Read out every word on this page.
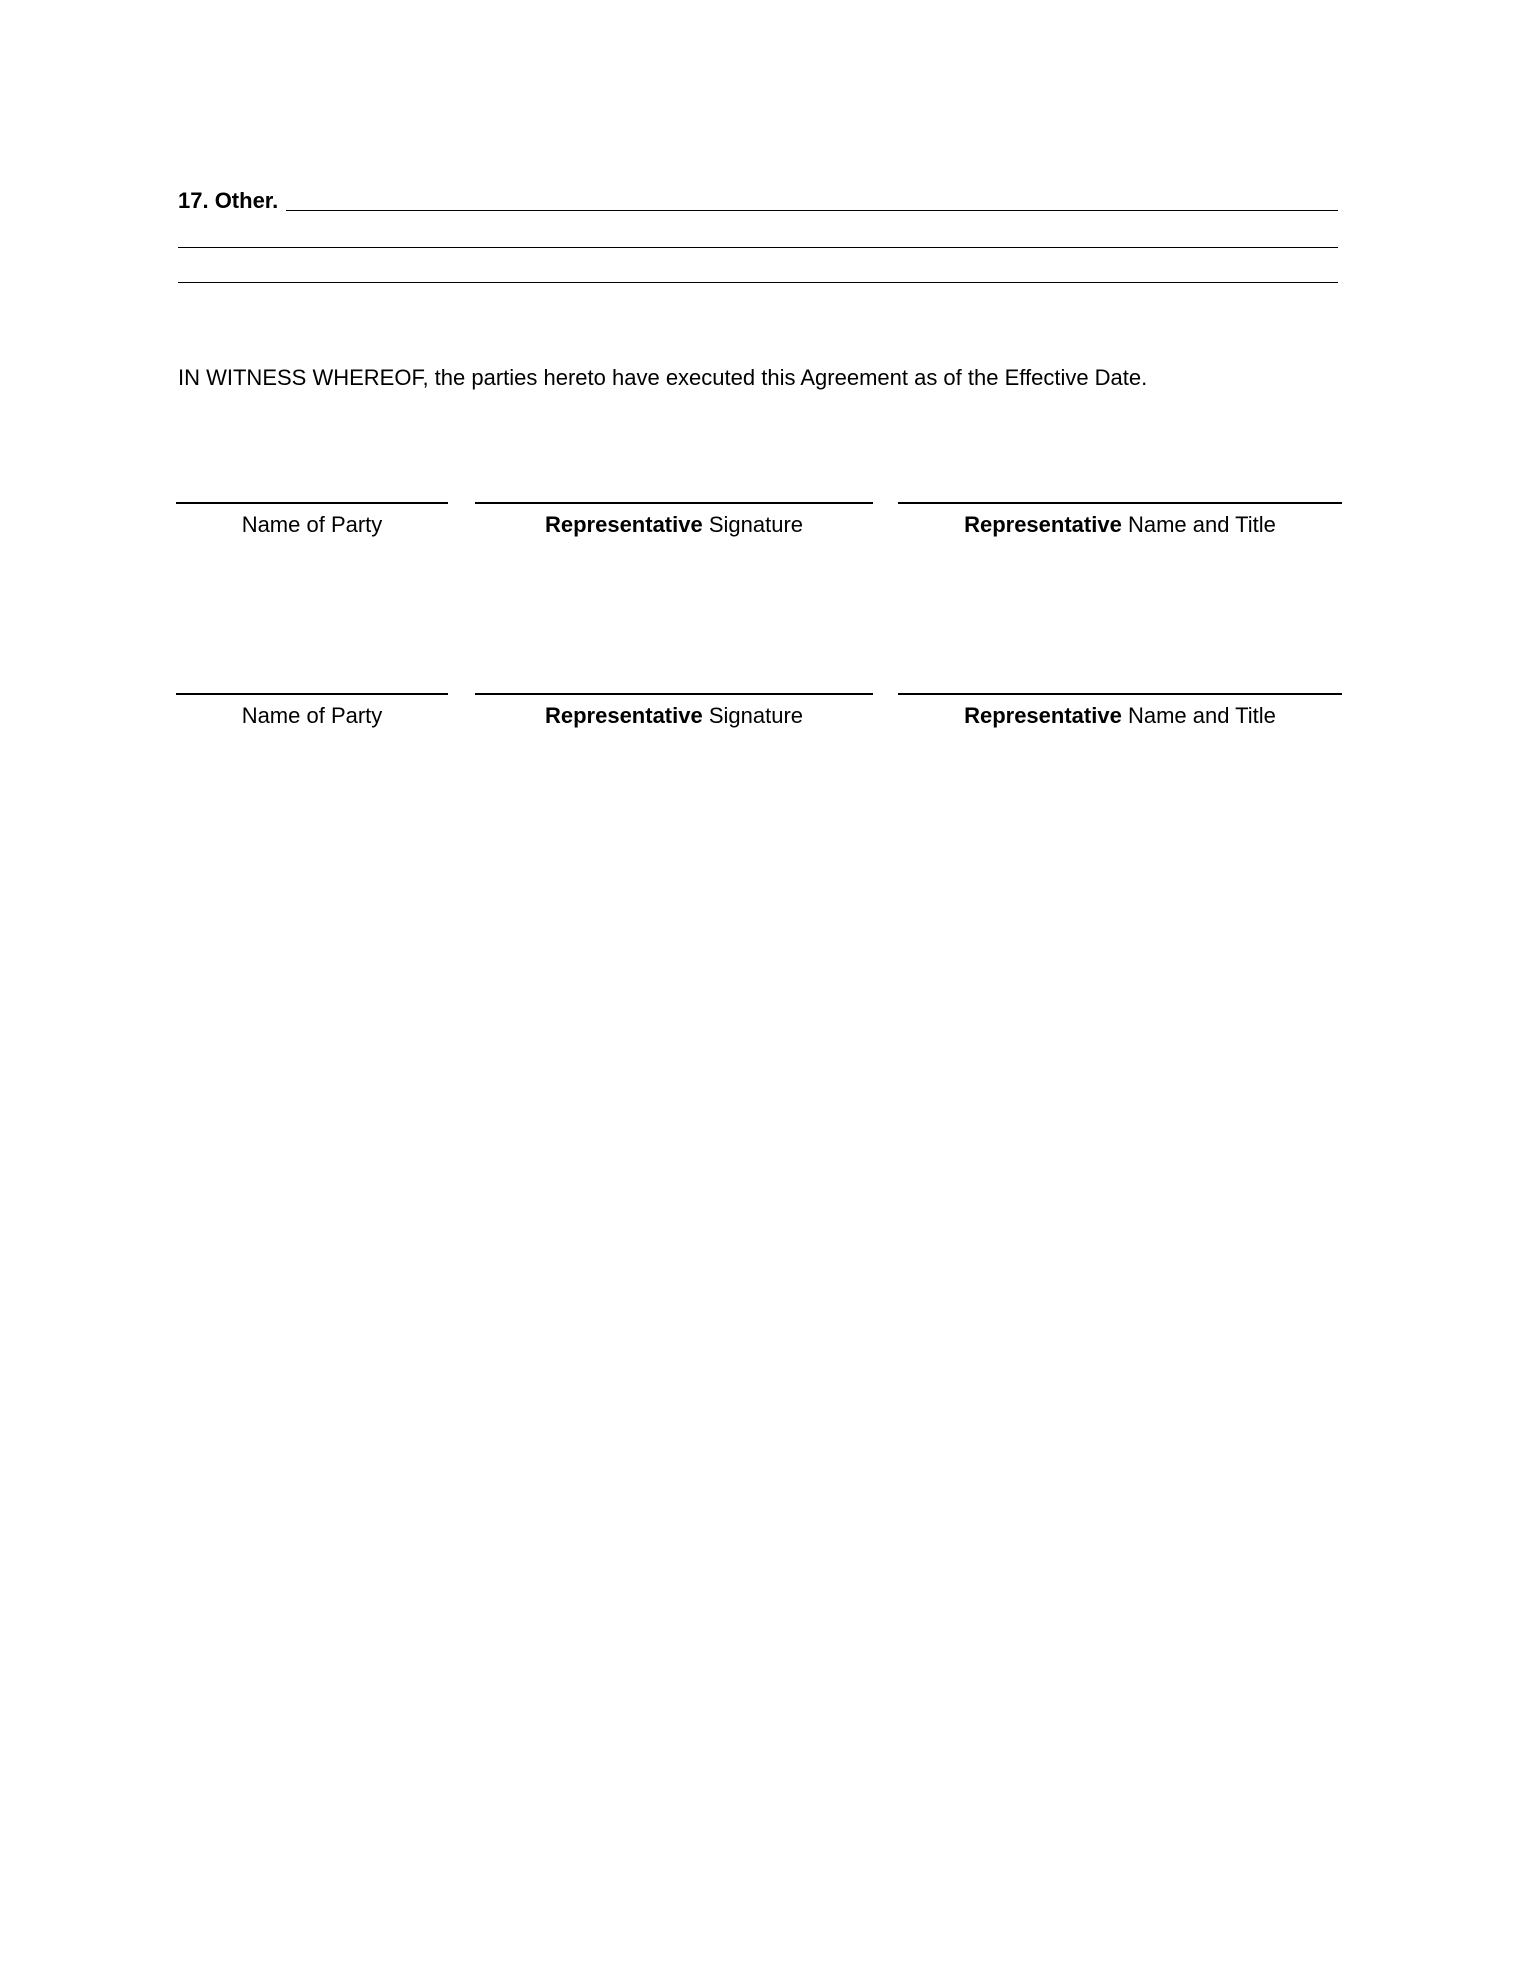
17. Other.
IN WITNESS WHEREOF, the parties hereto have executed this Agreement as of the Effective Date.
Name of Party	Representative Signature	Representative Name and Title
Name of Party	Representative Signature	Representative Name and Title
